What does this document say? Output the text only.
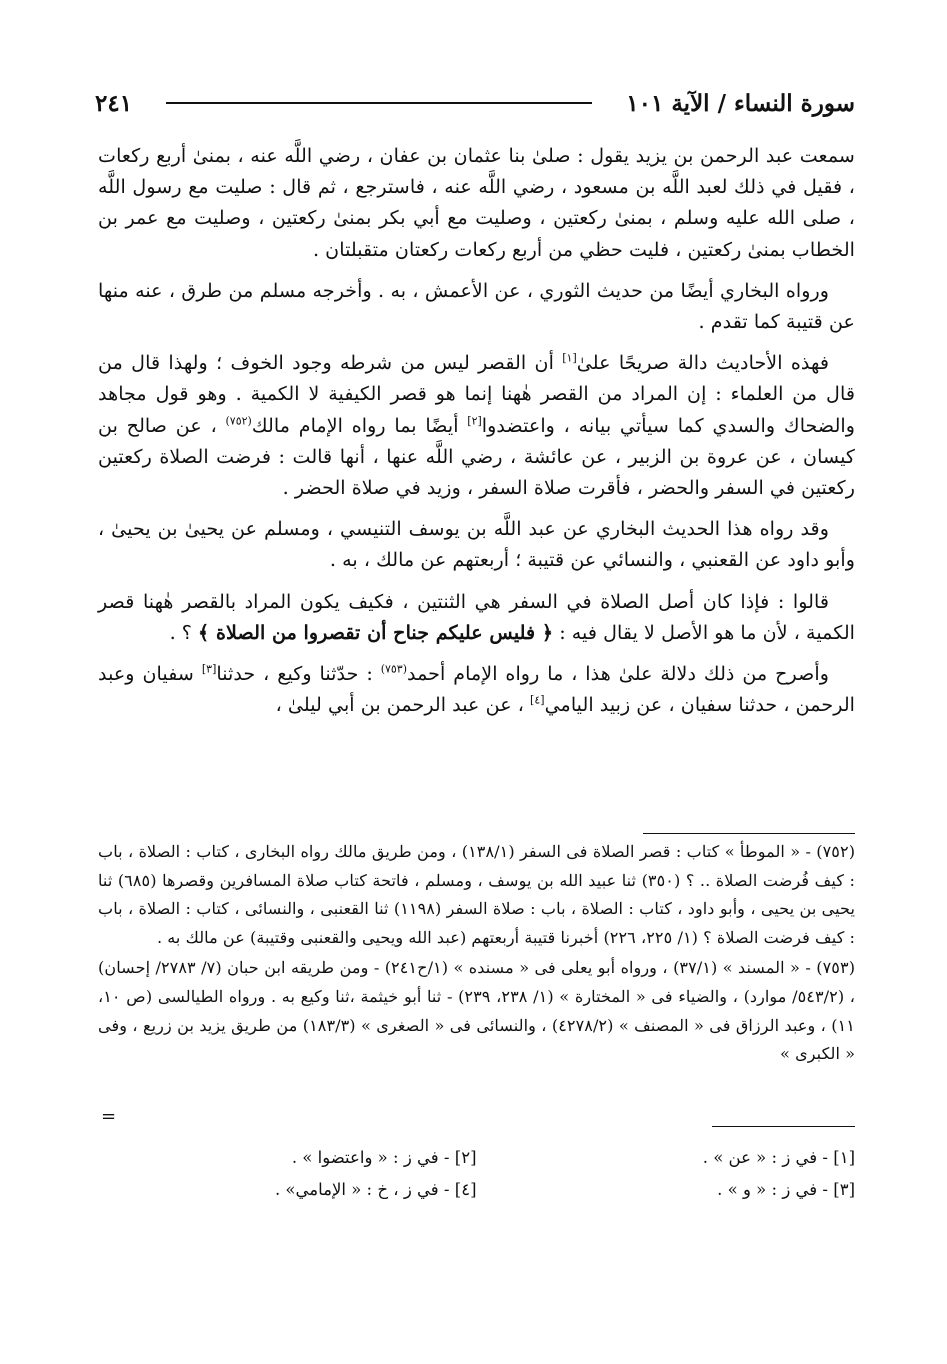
سورة النساء / الآية ١٠١
٢٤١

سمعت عبد الرحمن بن يزيد يقول : صلىٰ بنا عثمان بن عفان ، رضي اللَّه عنه ، بمنىٰ أربع ركعات ، فقيل في ذلك لعبد اللَّه بن مسعود ، رضي اللَّه عنه ، فاسترجع ، ثم قال : صليت مع رسول اللَّه ، صلى الله عليه وسلم ، بمنىٰ ركعتين ، وصليت مع أبي بكر بمنىٰ ركعتين ، وصليت مع عمر بن الخطاب بمنىٰ ركعتين ، فليت حظي من أربع ركعات ركعتان متقبلتان .

ورواه البخاري أيضًا من حديث الثوري ، عن الأعمش ، به . وأخرجه مسلم من طرق ، عنه منها عن قتيبة كما تقدم .

فهذه الأحاديث دالة صريحًا علىٰ[١] أن القصر ليس من شرطه وجود الخوف ؛ ولهذا قال من قال من العلماء : إن المراد من القصر هٰهنا إنما هو قصر الكيفية لا الكمية . وهو قول مجاهد والضحاك والسدي كما سيأتي بيانه ، واعتضدوا[٢] أيضًا بما رواه الإمام مالك$^{(٧٥٢)}$ ، عن صالح بن كيسان ، عن عروة بن الزبير ، عن عائشة ، رضي اللَّه عنها ، أنها قالت : فرضت الصلاة ركعتين ركعتين في السفر والحضر ، فأقرت صلاة السفر ، وزيد في صلاة الحضر .

وقد رواه هذا الحديث البخاري عن عبد اللَّه بن يوسف التنيسي ، ومسلم عن يحيىٰ بن يحيىٰ ، وأبو داود عن القعنبي ، والنسائي عن قتيبة ؛ أربعتهم عن مالك ، به .

قالوا : فإذا كان أصل الصلاة في السفر هي الثنتين ، فكيف يكون المراد بالقصر هٰهنا قصر الكمية ، لأن ما هو الأصل لا يقال فيه : ﴿ فليس عليكم جناح أن تقصروا من الصلاة ﴾ ؟ .

وأصرح من ذلك دلالة علىٰ هذا ، ما رواه الإمام أحمد$^{(٧٥٣)}$ : حدّثنا وكيع ، حدثنا[٣] سفيان وعبد الرحمن ، حدثنا سفيان ، عن زبيد اليامي[٤] ، عن عبد الرحمن بن أبي ليلىٰ ،

(٧٥٢) - « الموطأ » كتاب : قصر الصلاة فى السفر (١٣٨/١) ، ومن طريق مالك رواه البخارى ، كتاب : الصلاة ، باب : كيف فُرضت الصلاة .. ؟ (٣٥٠) ثنا عبيد الله بن يوسف ، ومسلم ، فاتحة كتاب صلاة المسافرين وقصرها (٦٨٥) ثنا يحيى بن يحيى ، وأبو داود ، كتاب : الصلاة ، باب : صلاة السفر (١١٩٨) ثنا القعنبى ، والنسائى ، كتاب : الصلاة ، باب : كيف فرضت الصلاة ؟ (١/ ٢٢٥، ٢٢٦) أخبرنا قتيبة أربعتهم (عبد الله ويحيى والقعنبى وقتيبة) عن مالك به .

(٧٥٣) - « المسند » (٣٧/١) ، ورواه أبو يعلى فى « مسنده » (١/ح٢٤١) - ومن طريقه ابن حبان (٧/ ٢٧٨٣/ إحسان) ، (٥٤٣/٢/ موارد) ، والضياء فى « المختارة » (١/ ٢٣٨، ٢٣٩) - ثنا أبو خيثمة ،ثنا وكيع به . ورواه الطيالسى (ص ١٠، ١١) ، وعبد الرزاق فى « المصنف » (٤٢٧٨/٢) ، والنسائى فى « الصغرى » (١٨٣/٣) من طريق يزيد بن زريع ، وفى « الكبرى »

=
[١] - في ز : « عن » .
[٢] - في ز : « واعتضوا » .
[٣] - في ز : « و » .
[٤] - في ز ، خ : « الإمامي» .
